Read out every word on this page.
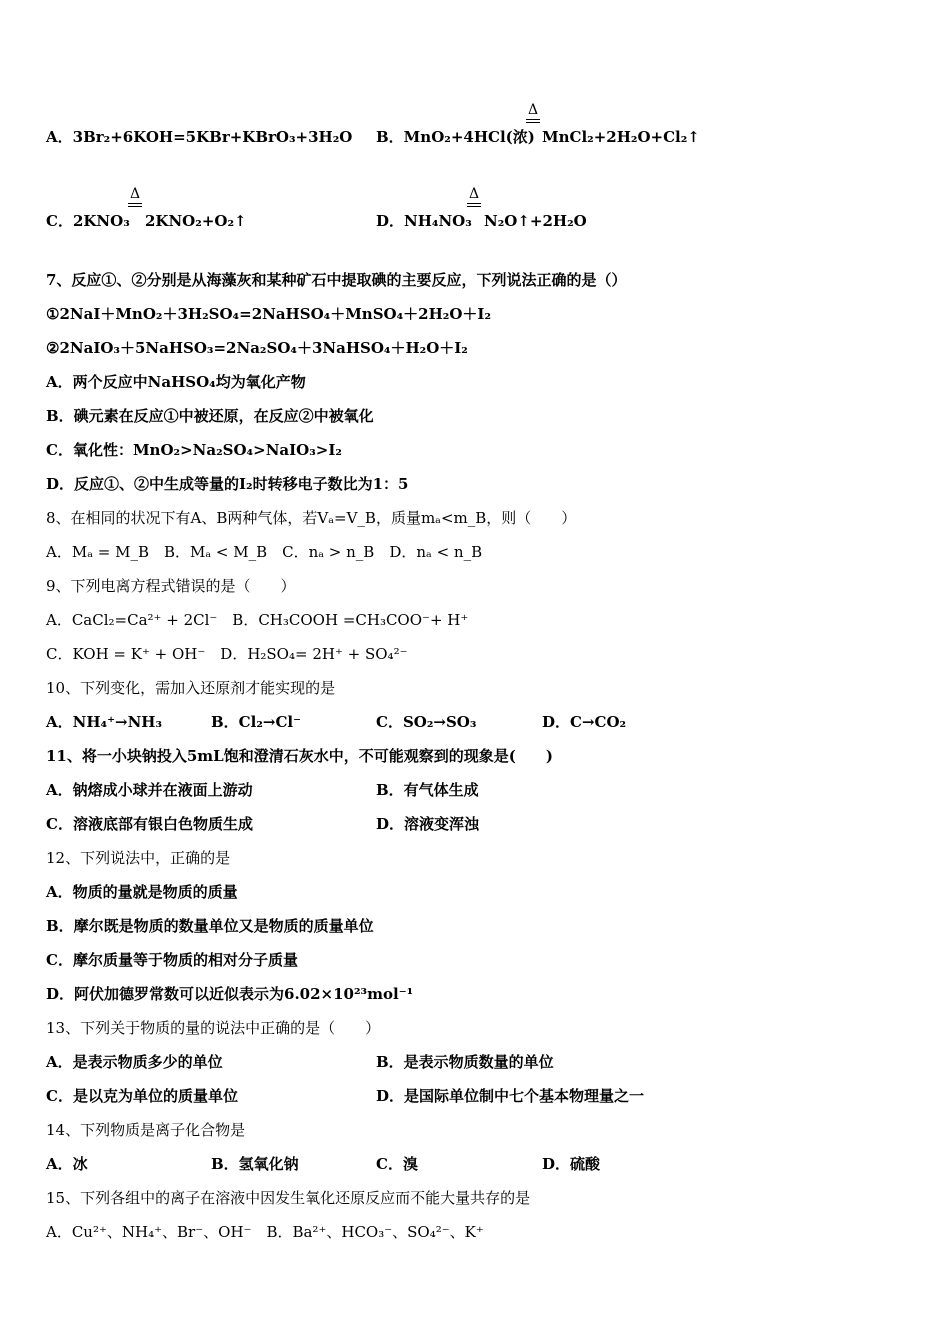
A．3Br₂+6KOH=5KBr+KBrO₃+3H₂O B．MnO₂+4HCl(浓)
Δ
MnCl₂+2H₂O+Cl₂↑
C．2KNO₃
Δ
2KNO₂+O₂↑	D．NH₄NO₃
Δ
N₂O↑+2H₂O
7、反应①、②分别是从海藻灰和某种矿石中提取碘的主要反应，下列说法正确的是（）
①2NaI＋MnO₂＋3H₂SO₄=2NaHSO₄＋MnSO₄＋2H₂O＋I₂
②2NaIO₃＋5NaHSO₃=2Na₂SO₄＋3NaHSO₄＋H₂O＋I₂
A．两个反应中NaHSO₄均为氧化产物
B．碘元素在反应①中被还原，在反应②中被氧化
C．氧化性：MnO₂>Na₂SO₄>NaIO₃>I₂
D．反应①、②中生成等量的I₂时转移电子数比为1：5
8、在相同的状况下有A、B两种气体，若Vₐ=V_B，质量mₐ<m_B，则（　　）
A．Mₐ = M_B　B．Mₐ < M_B　C．nₐ > n_B　D．nₐ < n_B
9、下列电离方程式错误的是（　　）
A．CaCl₂=Ca²⁺ + 2Cl⁻　B．CH₃COOH =CH₃COO⁻+ H⁺
C．KOH = K⁺ + OH⁻　D．H₂SO₄= 2H⁺ + SO₄²⁻
10、下列变化，需加入还原剂才能实现的是
A．NH₄⁺→NH₃	B．Cl₂→Cl⁻	C．SO₂→SO₃	D．C→CO₂
11、将一小块钠投入5mL饱和澄清石灰水中，不可能观察到的现象是(　　)
A．钠熔成小球并在液面上游动	B．有气体生成
C．溶液底部有银白色物质生成	D．溶液变浑浊
12、下列说法中，正确的是
A．物质的量就是物质的质量
B．摩尔既是物质的数量单位又是物质的质量单位
C．摩尔质量等于物质的相对分子质量
D．阿伏加德罗常数可以近似表示为6.02×10²³mol⁻¹
13、下列关于物质的量的说法中正确的是（　　）
A．是表示物质多少的单位	B．是表示物质数量的单位
C．是以克为单位的质量单位	D．是国际单位制中七个基本物理量之一
14、下列物质是离子化合物是
A．冰	B．氢氧化钠	C．溴	D．硫酸
15、下列各组中的离子在溶液中因发生氧化还原反应而不能大量共存的是
A．Cu²⁺、NH₄⁺、Br⁻、OH⁻　B．Ba²⁺、HCO₃⁻、SO₄²⁻、K⁺
